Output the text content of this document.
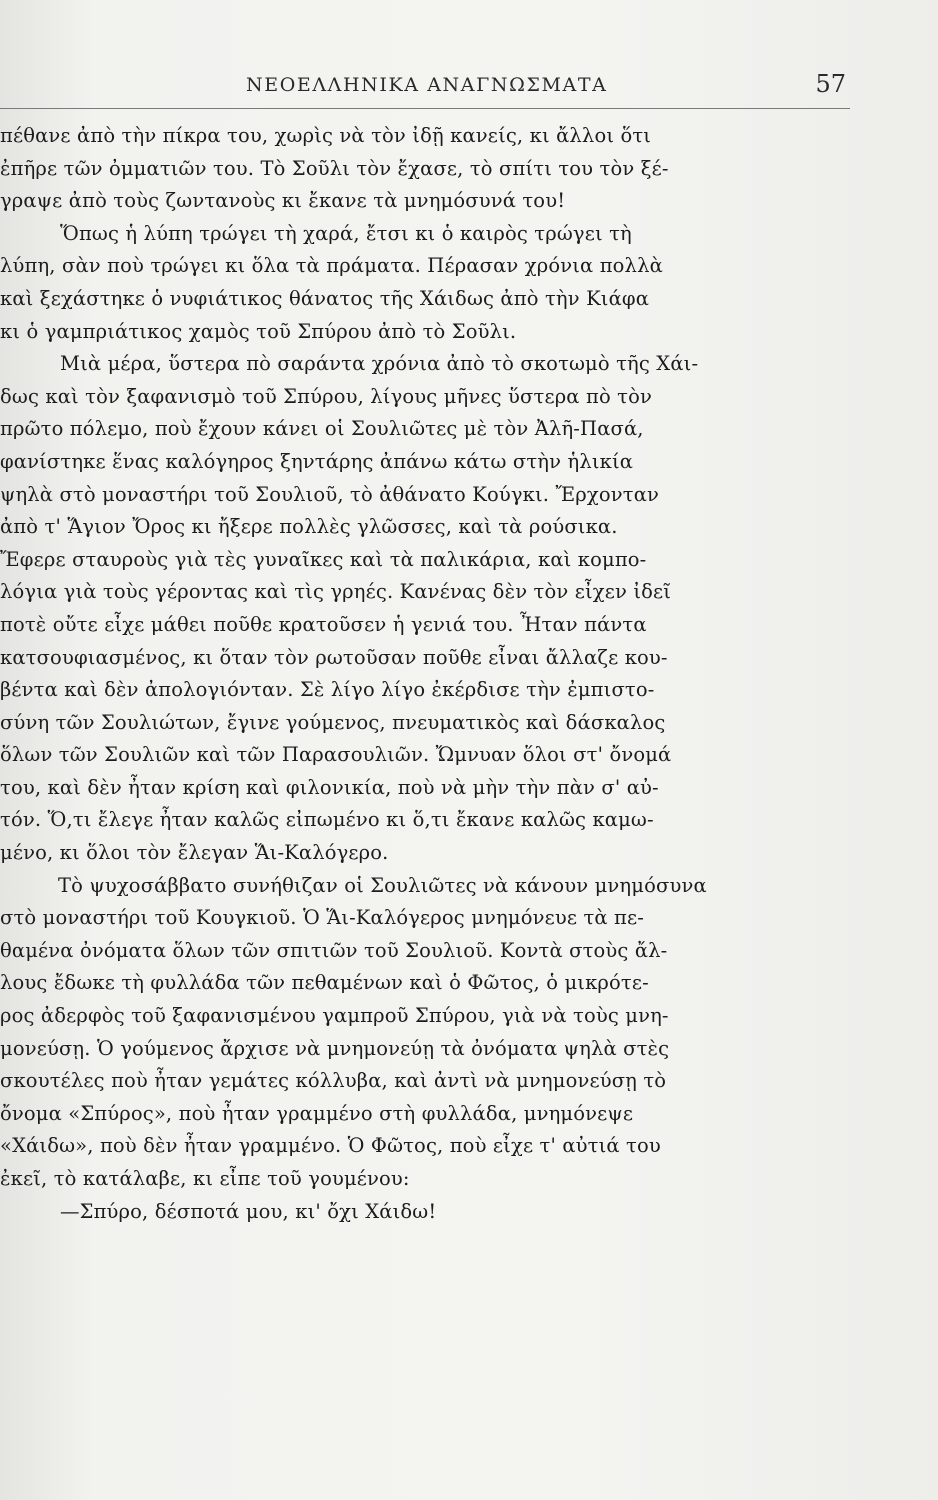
ΝΕΟΕΛΛΗΝΙΚΑ ΑΝΑΓΝΩΣΜΑΤΑ	57
πέθανε ἀπὸ τὴν πίκρα του, χωρὶς νὰ τὸν ἰδῇ κανείς, κι ἄλλοι ὅτι
ἐπῆρε τῶν ὀμματιῶν του. Τὸ Σοῦλι τὸν ἔχασε, τὸ σπίτι του τὸν ξέ-
γραψε ἀπὸ τοὺς ζωντανοὺς κι ἔκανε τὰ μνημόσυνά του!
Ὅπως ἡ λύπη τρώγει τὴ χαρά, ἔτσι κι ὁ καιρὸς τρώγει τὴ
λύπη, σὰν ποὺ τρώγει κι ὅλα τὰ πράματα. Πέρασαν χρόνια πολλὰ
καὶ ξεχάστηκε ὁ νυφιάτικος θάνατος τῆς Χάιδως ἀπὸ τὴν Κιάφα
κι ὁ γαμπριάτικος χαμὸς τοῦ Σπύρου ἀπὸ τὸ Σοῦλι.
Μιὰ μέρα, ὕστερα πὸ σαράντα χρόνια ἀπὸ τὸ σκοτωμὸ τῆς Χάι-
δως καὶ τὸν ξαφανισμὸ τοῦ Σπύρου, λίγους μῆνες ὕστερα πὸ τὸν
πρῶτο πόλεμο, ποὺ ἔχουν κάνει οἱ Σουλιῶτες μὲ τὸν Ἀλῆ-Πασά,
φανίστηκε ἕνας καλόγηρος ξηντάρης ἀπάνω κάτω στὴν ἡλικία
ψηλὰ στὸ μοναστήρι τοῦ Σουλιοῦ, τὸ ἀθάνατο Κούγκι. Ἔρχονταν
ἀπὸ τ' Ἅγιον Ὄρος κι ἤξερε πολλὲς γλῶσσες, καὶ τὰ ρούσικα.
Ἔφερε σταυροὺς γιὰ τὲς γυναῖκες καὶ τὰ παλικάρια, καὶ κομπο-
λόγια γιὰ τοὺς γέροντας καὶ τὶς γρηές. Κανένας δὲν τὸν εἶχεν ἰδεῖ
ποτὲ οὔτε εἶχε μάθει ποῦθε κρατοῦσεν ἡ γενιά του. Ἦταν πάντα
κατσουφιασμένος, κι ὅταν τὸν ρωτοῦσαν ποῦθε εἶναι ἄλλαζε κου-
βέντα καὶ δὲν ἀπολογιόνταν. Σὲ λίγο λίγο ἐκέρδισε τὴν ἐμπιστο-
σύνη τῶν Σουλιώτων, ἔγινε γούμενος, πνευματικὸς καὶ δάσκαλος
ὅλων τῶν Σουλιῶν καὶ τῶν Παρασουλιῶν. Ὤμνυαν ὅλοι στ' ὄνομά
του, καὶ δὲν ἦταν κρίση καὶ φιλονικία, ποὺ νὰ μὴν τὴν πὰν σ' αὐ-
τόν. Ὅ,τι ἔλεγε ἦταν καλῶς εἰπωμένο κι ὅ,τι ἔκανε καλῶς καμω-
μένο, κι ὅλοι τὸν ἔλεγαν Ἅι-Καλόγερο.
Τὸ ψυχοσάββατο συνήθιζαν οἱ Σουλιῶτες νὰ κάνουν μνημόσυνα
στὸ μοναστήρι τοῦ Κουγκιοῦ. Ὁ Ἅι-Καλόγερος μνημόνευε τὰ πε-
θαμένα ὀνόματα ὅλων τῶν σπιτιῶν τοῦ Σουλιοῦ. Κοντὰ στοὺς ἄλ-
λους ἔδωκε τὴ φυλλάδα τῶν πεθαμένων καὶ ὁ Φῶτος, ὁ μικρότε-
ρος ἀδερφὸς τοῦ ξαφανισμένου γαμπροῦ Σπύρου, γιὰ νὰ τοὺς μνη-
μονεύσῃ. Ὁ γούμενος ἄρχισε νὰ μνημονεύῃ τὰ ὀνόματα ψηλὰ στὲς
σκουτέλες ποὺ ἦταν γεμάτες κόλλυβα, καὶ ἀντὶ νὰ μνημονεύσῃ τὸ
ὄνομα «Σπύρος», ποὺ ἦταν γραμμένο στὴ φυλλάδα, μνημόνεψε
«Χάιδω», ποὺ δὲν ἦταν γραμμένο. Ὁ Φῶτος, ποὺ εἶχε τ' αὐτιά του
ἐκεῖ, τὸ κατάλαβε, κι εἶπε τοῦ γουμένου:
—Σπύρο, δέσποτά μου, κι' ὄχι Χάιδω!
